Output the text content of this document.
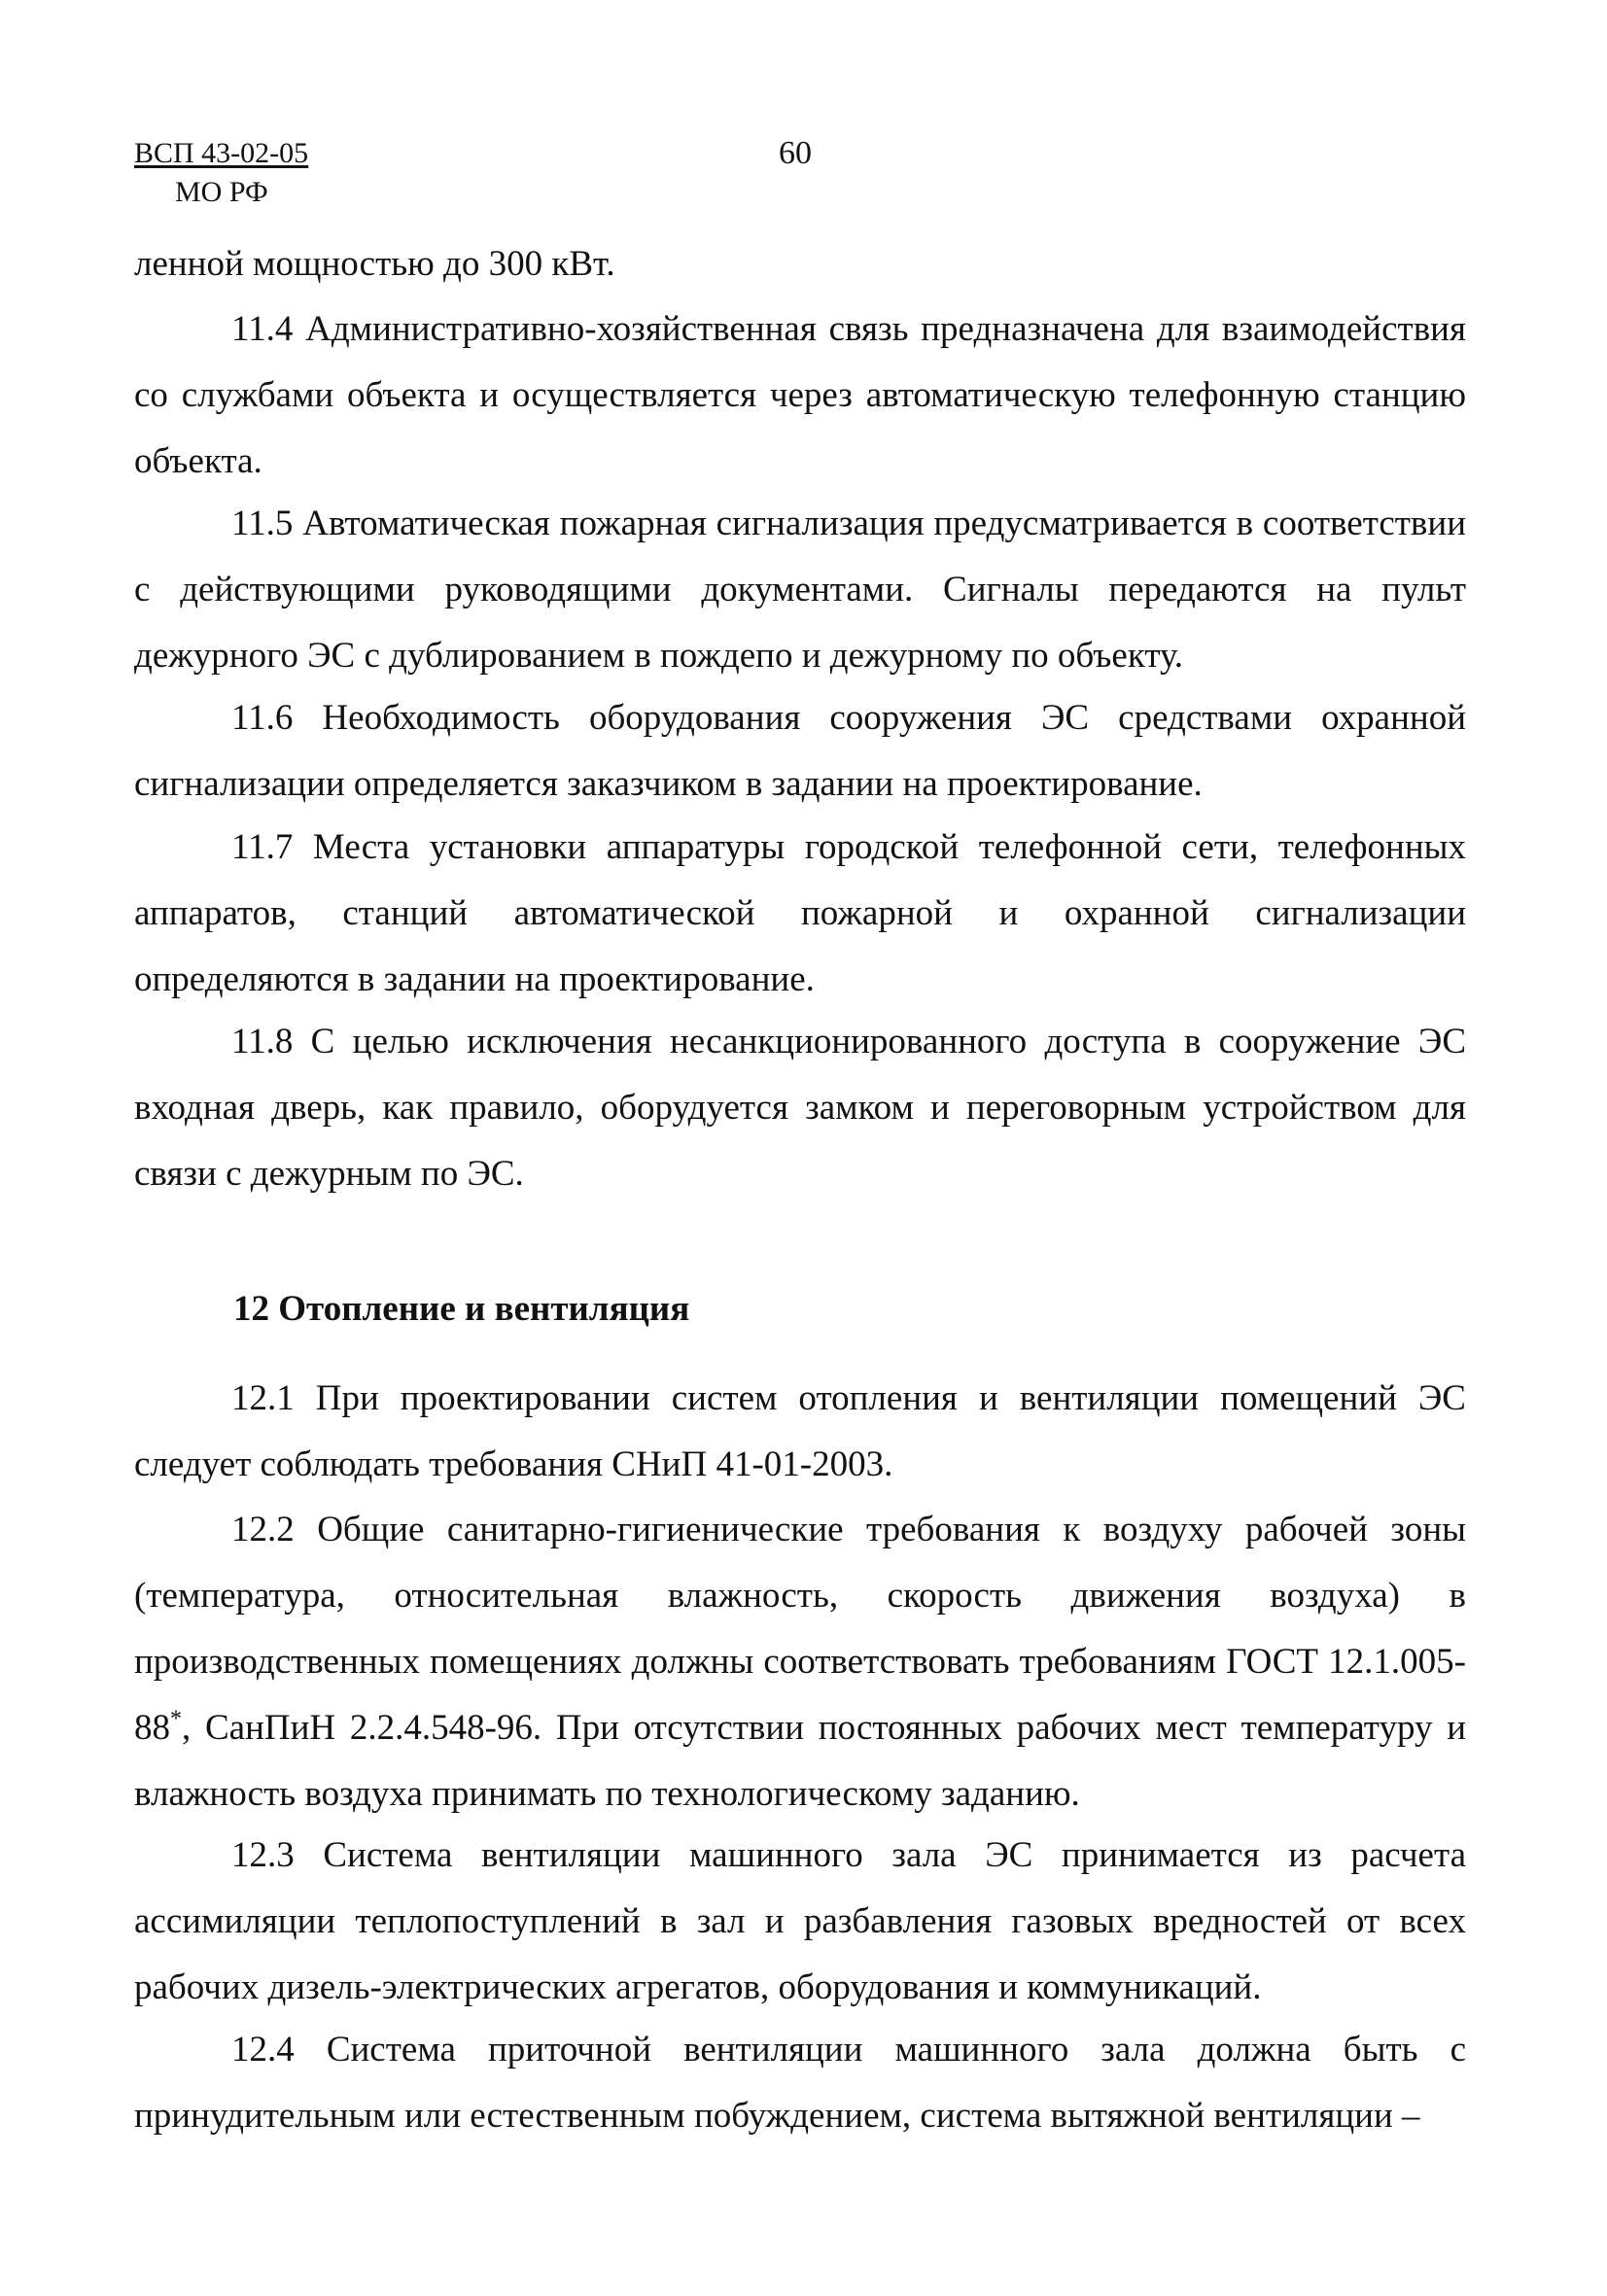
ВСП 43-02-05
МО РФ
60

ленной мощностью до 300 кВт.

11.4 Административно-хозяйственная связь предназначена для взаимодействия со службами объекта и осуществляется через автоматическую телефонную станцию объекта.

11.5 Автоматическая пожарная сигнализация предусматривается в соответствии с действующими руководящими документами. Сигналы передаются на пульт дежурного ЭС с дублированием в пождепо и дежурному по объекту.

11.6 Необходимость оборудования сооружения ЭС средствами охранной сигнализации определяется заказчиком в задании на проектирование.

11.7 Места установки аппаратуры городской телефонной сети, телефонных аппаратов, станций автоматической пожарной и охранной сигнализации определяются в задании на проектирование.

11.8 С целью исключения несанкционированного доступа в сооружение ЭС входная дверь, как правило, оборудуется замком и переговорным устройством для связи с дежурным по ЭС.

12 Отопление и вентиляция

12.1 При проектировании систем отопления и вентиляции помещений ЭС следует соблюдать требования СНиП 41-01-2003.

12.2 Общие санитарно-гигиенические требования к воздуху рабочей зоны (температура, относительная влажность, скорость движения воздуха) в производственных помещениях должны соответствовать требованиям ГОСТ 12.1.005-88*, СанПиН 2.2.4.548-96. При отсутствии постоянных рабочих мест температуру и влажность воздуха принимать по технологическому заданию.

12.3 Система вентиляции машинного зала ЭС принимается из расчета ассимиляции теплопоступлений в зал и разбавления газовых вредностей от всех рабочих дизель-электрических агрегатов, оборудования и коммуникаций.

12.4 Система приточной вентиляции машинного зала должна быть с принудительным или естественным побуждением, система вытяжной вентиляции –
